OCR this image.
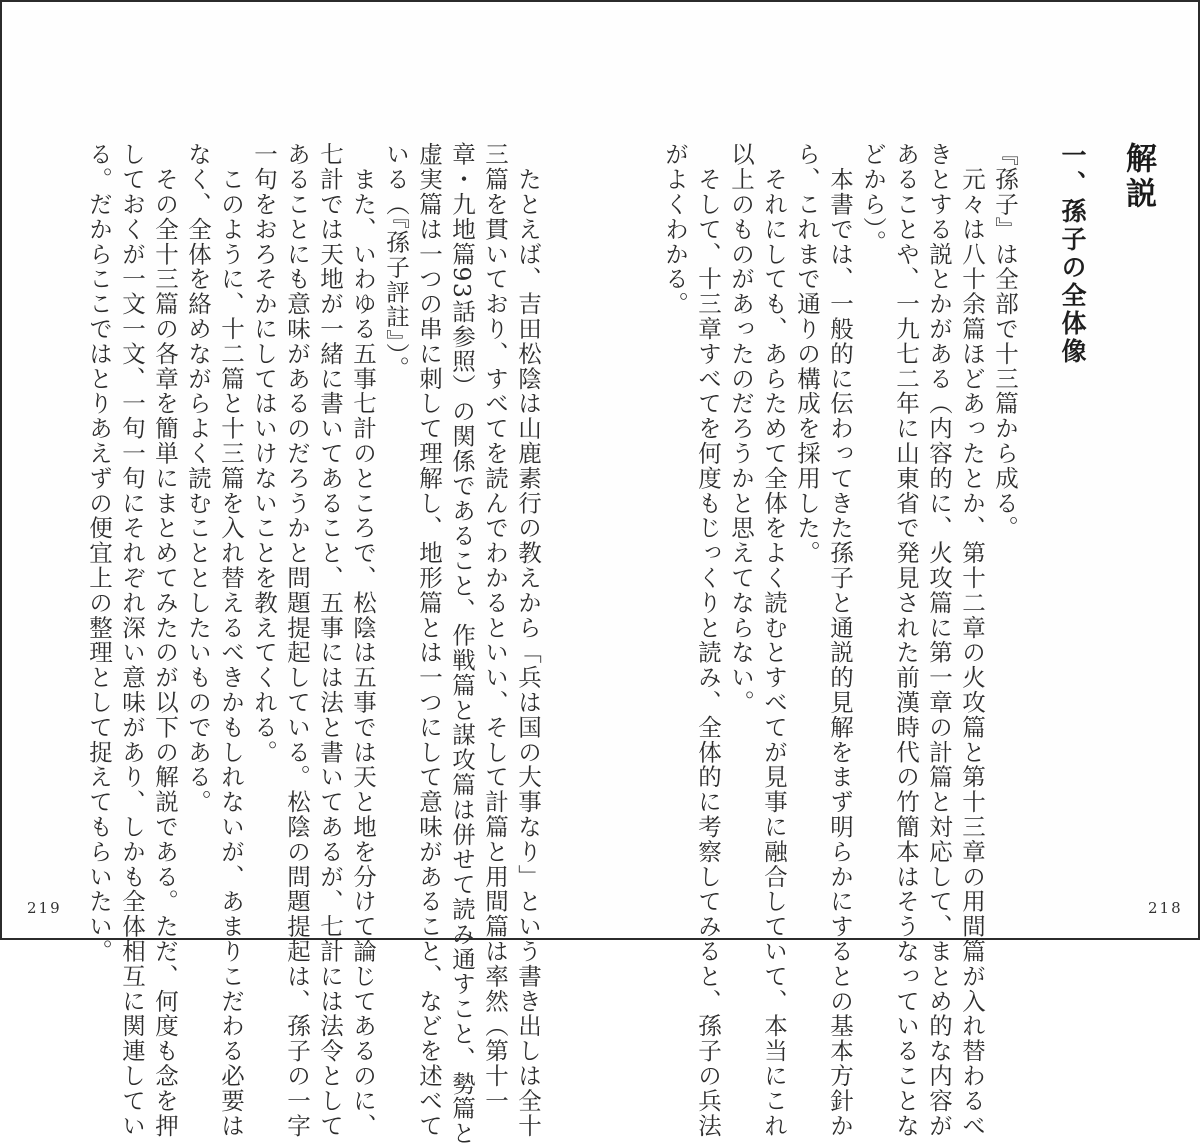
解説
一、孫子の全体像
『孫子』は全部で十三篇から成る。
　元々は八十余篇ほどあったとか、第十二章の火攻篇と第十三章の用間篇が入れ替わるべ
きとする説とかがある（内容的に、火攻篇に第一章の計篇と対応して、まとめ的な内容が
あることや、一九七二年に山東省で発見された前漢時代の竹簡本はそうなっていることな
どから）。
　本書では、一般的に伝わってきた孫子と通説的見解をまず明らかにするとの基本方針か
ら、これまで通りの構成を採用した。
　それにしても、あらためて全体をよく読むとすべてが見事に融合していて、本当にこれ
以上のものがあったのだろうかと思えてならない。
　そして、十三章すべてを何度もじっくりと読み、全体的に考察してみると、孫子の兵法
がよくわかる。
218
　たとえば、吉田松陰は山鹿素行の教えから「兵は国の大事なり」という書き出しは全十
三篇を貫いており、すべてを読んでわかるといい、そして計篇と用間篇は率然（第十一
章・九地篇93話参照）の関係であること、作戦篇と謀攻篇は併せて読み通すこと、勢篇と
虚実篇は一つの串に刺して理解し、地形篇とは一つにして意味があること、などを述べて
いる（『孫子評註』）。
　また、いわゆる五事七計のところで、松陰は五事では天と地を分けて論じてあるのに、
七計では天地が一緒に書いてあること、五事には法と書いてあるが、七計には法令として
あることにも意味があるのだろうかと問題提起している。松陰の問題提起は、孫子の一字
一句をおろそかにしてはいけないことを教えてくれる。
　このように、十二篇と十三篇を入れ替えるべきかもしれないが、あまりこだわる必要は
なく、全体を絡めながらよく読むこととしたいものである。
　その全十三篇の各章を簡単にまとめてみたのが以下の解説である。ただ、何度も念を押
しておくが一文一文、一句一句にそれぞれ深い意味があり、しかも全体相互に関連してい
る。だからここではとりあえずの便宜上の整理として捉えてもらいたい。
219
